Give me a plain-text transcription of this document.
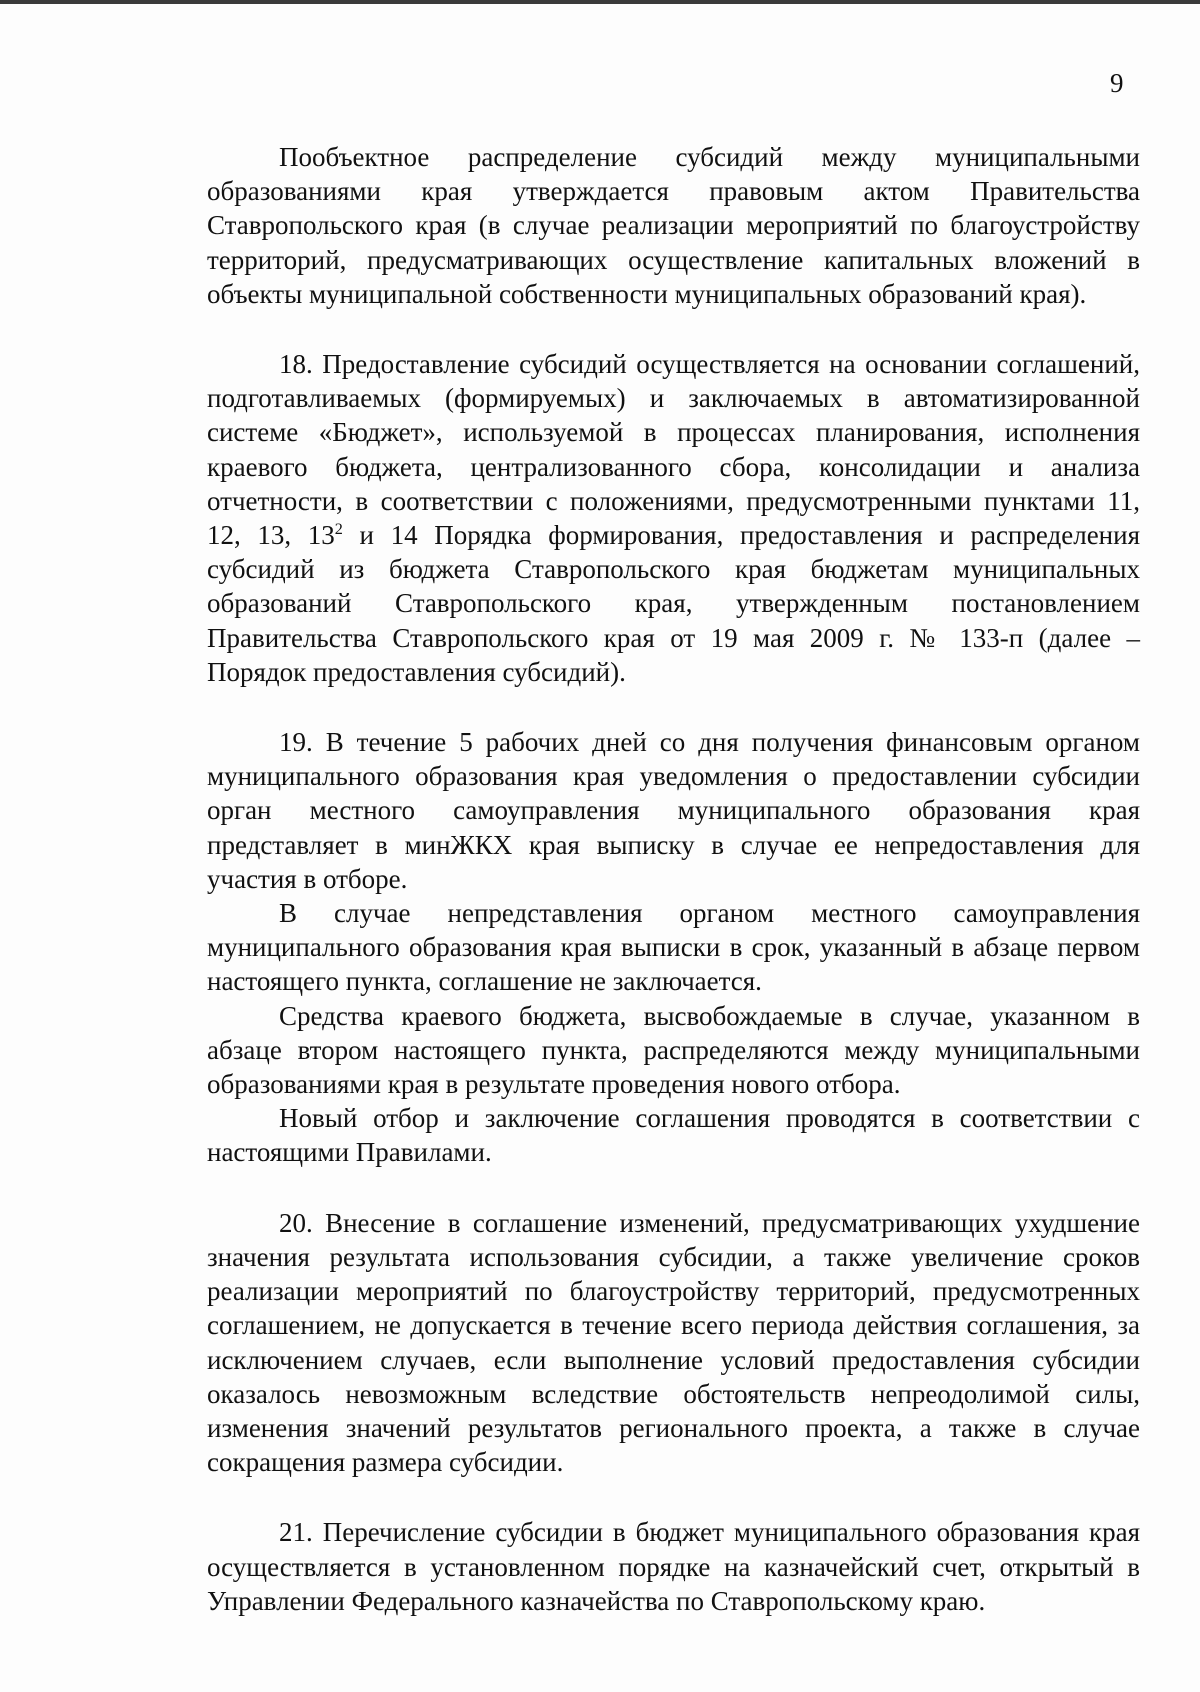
9

Пообъектное распределение субсидий между муниципальными образованиями края утверждается правовым актом Правительства Ставропольского края (в случае реализации мероприятий по благоустройству территорий, предусматривающих осуществление капитальных вложений в объекты муниципальной собственности муниципальных образований края).

18. Предоставление субсидий осуществляется на основании соглашений, подготавливаемых (формируемых) и заключаемых в автоматизированной системе «Бюджет», используемой в процессах планирования, исполнения краевого бюджета, централизованного сбора, консолидации и анализа отчетности, в соответствии с положениями, предусмотренными пунктами 11, 12, 13, $13^2$ и 14 Порядка формирования, предоставления и распределения субсидий из бюджета Ставропольского края бюджетам муниципальных образований Ставропольского края, утвержденным постановлением Правительства Ставропольского края от 19 мая 2009 г. № 133-п (далее – Порядок предоставления субсидий).

19. В течение 5 рабочих дней со дня получения финансовым органом муниципального образования края уведомления о предоставлении субсидии орган местного самоуправления муниципального образования края представляет в минЖКХ края выписку в случае ее непредоставления для участия в отборе.

В случае непредставления органом местного самоуправления муниципального образования края выписки в срок, указанный в абзаце первом настоящего пункта, соглашение не заключается.

Средства краевого бюджета, высвобождаемые в случае, указанном в абзаце втором настоящего пункта, распределяются между муниципальными образованиями края в результате проведения нового отбора.

Новый отбор и заключение соглашения проводятся в соответствии с настоящими Правилами.

20. Внесение в соглашение изменений, предусматривающих ухудшение значения результата использования субсидии, а также увеличение сроков реализации мероприятий по благоустройству территорий, предусмотренных соглашением, не допускается в течение всего периода действия соглашения, за исключением случаев, если выполнение условий предоставления субсидии оказалось невозможным вследствие обстоятельств непреодолимой силы, изменения значений результатов регионального проекта, а также в случае сокращения размера субсидии.

21. Перечисление субсидии в бюджет муниципального образования края осуществляется в установленном порядке на казначейский счет, открытый в Управлении Федерального казначейства по Ставропольскому краю.
